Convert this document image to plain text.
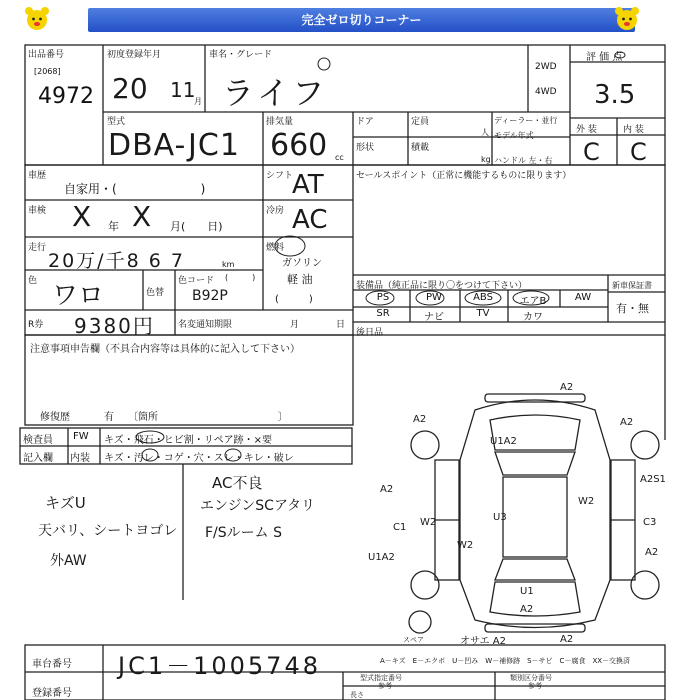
完全ゼロ切りコーナー
出品番号
[2068]
4972
初度登録年月
20 11
月
車名・グレード
ライフ
2WD
4WD
評 価 点
3.5
型式
DBA-JC1
排気量
660 cc
ドア	定員
人
ディーラー・並行
モデル年式
形状	積載
kg ハンドル 左・右
外 装	内 装
C C
車歴
自家用・(　　　　　　　)
シフト
AT
車検 X 年 X 月(　　日)
冷房 AC
走行
20万/千8 6 7	km
燃料
ガソリン
軽 油
(　　　)
色 ワロ	色替
色コード
B92P
(　　　)
R券 9380円	名変通知期限	月	日
セールスポイント（正常に機能するものに限ります）
装備品（純正品に限り〇をつけて下さい）	新車保証書
有・無
PS	PW	ABS	エアB	AW
SR	ナビ	TV	カワ
後日品
注意事項申告欄（不具合内容等は具体的に記入して下さい）
修復歴	有 〔箇所　　　　　　　　　　　　〕
検査員
記入欄
FW キズ・飛石・ヒビ割・リペア跡・×要
内装 キズ・汚レ・コゲ・穴・スレ・キレ・破レ
キズU
天バリ、シートヨゴレ
外AW
AC不良
エンジンSCアタリ
F/Sルーム S
A2
A2	A2
U1A2
A2
A2S1
W2
U3
C1 W2	C3
W2
U1A2	A2
U1
A2
オサエ A2	A2
スペア
A－キズ　E－エクボ　U－凹み　W－補修跡　S－サビ　C－腐食　XX－交換済
車台番号 JC1－1005748
登録番号
型式指定番号
参考
類別区分番号
参考
長さ
